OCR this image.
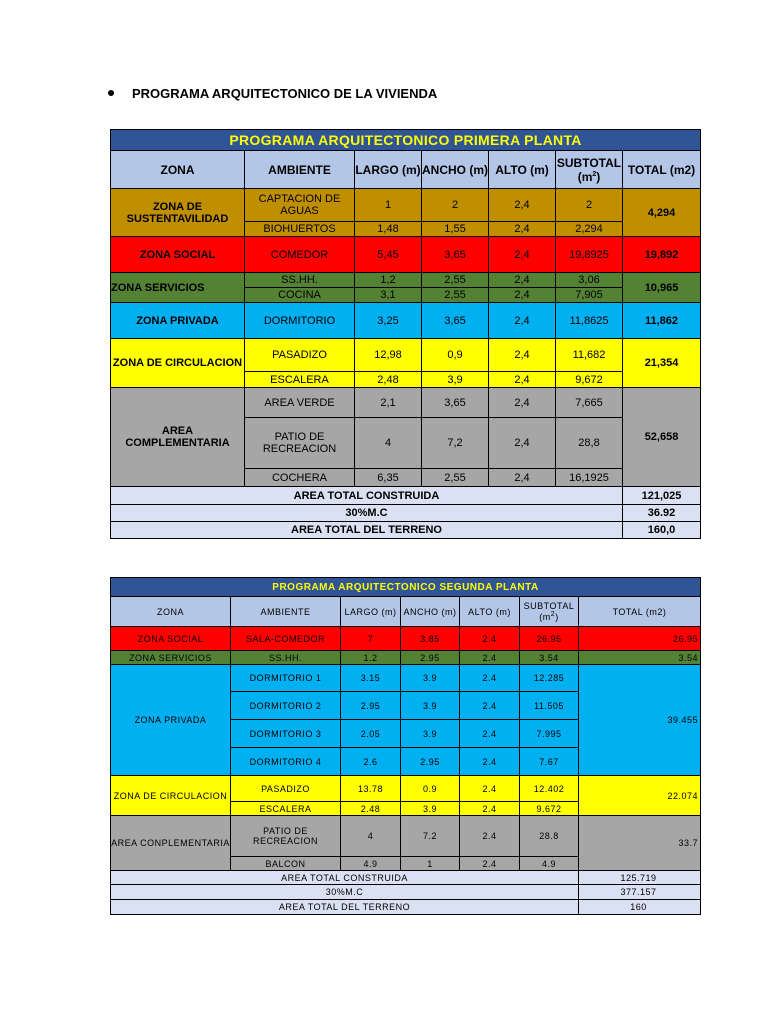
PROGRAMA ARQUITECTONICO DE LA VIVIENDA
PROGRAMA ARQUITECTONICO PRIMERA PLANTA						
ZONA	AMBIENTE	LARGO (m)	ANCHO (m)	ALTO (m)	SUBTOTAL
$(m^2)$	TOTAL (m2)
ZONA DE SUSTENTAVILIDAD	CAPTACION DE AGUAS	1	2	2,4	2	4,294
	BIOHUERTOS	1,48	1,55	2,4	2,294	
ZONA SOCIAL	COMEDOR	5,45	3,65	2,4	19,8925	19,892
ZONA SERVICIOS	SS.HH.	1,2	2,55	2,4	3,06	10,965
	COCINA	3,1	2,55	2,4	7,905	
ZONA PRIVADA	DORMITORIO	3,25	3,65	2,4	11,8625	11,862
ZONA DE CIRCULACION	PASADIZO	12,98	0,9	2,4	11,682	21,354
	ESCALERA	2,48	3,9	2,4	9,672	
AREA COMPLEMENTARIA	AREA VERDE	2,1	3,65	2,4	7,665	52,658
	PATIO DE RECREACION	4	7,2	2,4	28,8	
	COCHERA	6,35	2,55	2,4	16,1925	
AREA TOTAL CONSTRUIDA						121,025
30%M.C						36.92
AREA TOTAL DEL TERRENO						160,0
PROGRAMA ARQUITECTONICO SEGUNDA PLANTA						
ZONA	AMBIENTE	LARGO (m)	ANCHO (m)	ALTO (m)	SUBTOTAL
$(m^2)$	TOTAL (m2)
ZONA SOCIAL	SALA-COMEDOR	7	3.85	2.4	26.95	26.95
ZONA SERVICIOS	SS.HH.	1.2	2.95	2.4	3.54	3.54
ZONA PRIVADA	DORMITORIO 1	3.15	3.9	2.4	12.285	39.455
	DORMITORIO 2	2.95	3.9	2.4	11.505	
	DORMITORIO 3	2.05	3.9	2.4	7.995	
	DORMITORIO 4	2.6	2.95	2.4	7.67	
ZONA DE CIRCULACION	PASADIZO	13.78	0.9	2.4	12.402	22.074
	ESCALERA	2.48	3.9	2.4	9.672	
AREA CONPLEMENTARIA	PATIO DE RECREACION	4	7.2	2.4	28.8	33.7
	BALCON	4.9	1	2.4	4.9	
AREA TOTAL CONSTRUIDA						125.719
30%M.C						377.157
AREA TOTAL DEL TERRENO						160
